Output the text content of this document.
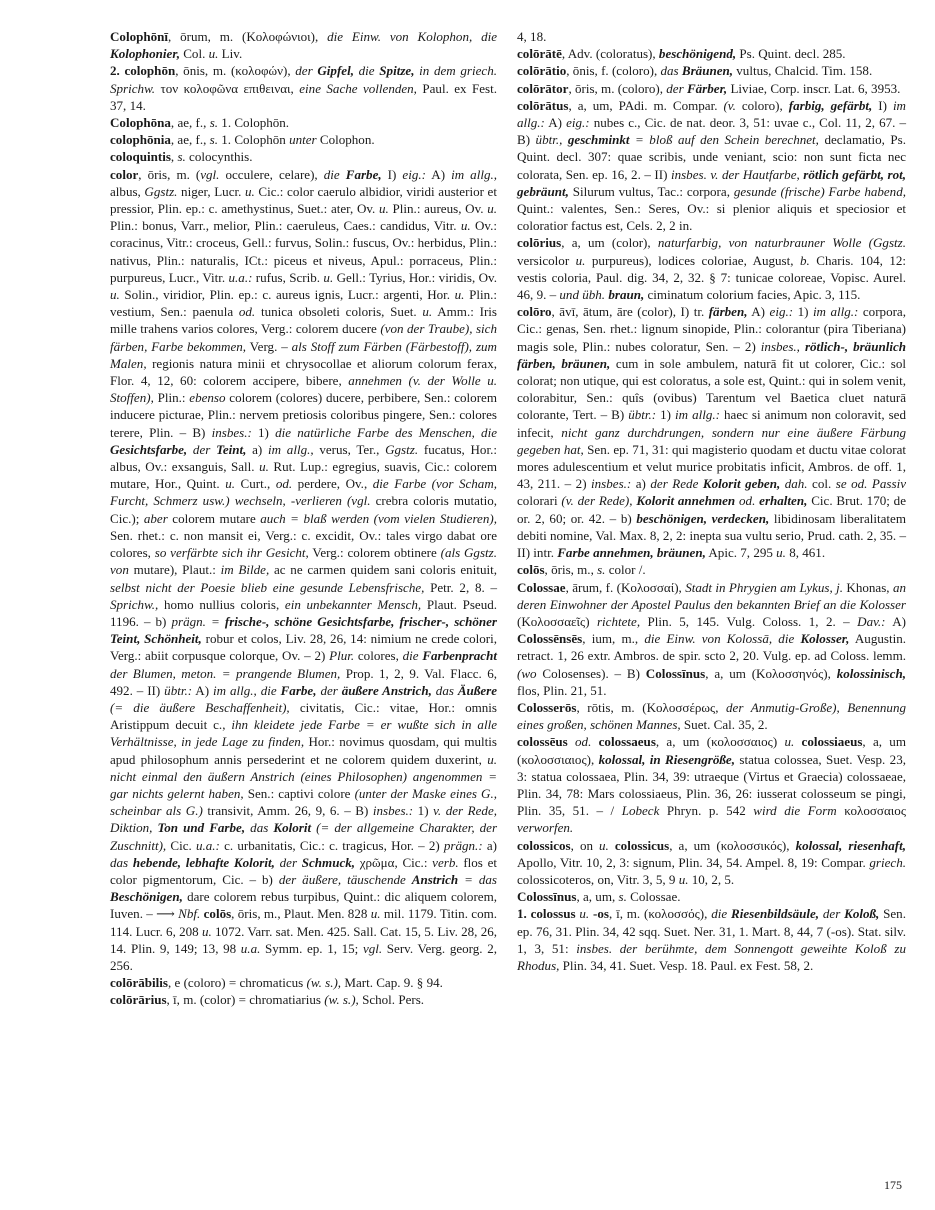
Colophōnī, ōrum, m. (Κολοφώνιοι), die Einw. von Kolophon, die Kolophonier, Col. u. Liv.

2. colophōn, ōnis, m. (κολοφών), der Gipfel, die Spitze, in dem griech. Sprichw. τον κολοφῶνα επιθειναι, eine Sache vollenden, Paul. ex Fest. 37, 14.

Colophōna, ae, f., s. 1. Colophōn.

colophōnia, ae, f., s. 1. Colophōn unter Colophon.

coloquintis, s. colocynthis.

color, ōris, m. (vgl. occulere, celare), die Farbe, I) eig.: A) im allg., albus, Ggstz. niger, Lucr. u. Cic.: color caerulo albidior, viridi austerior et pressior, Plin. ep.: c. amethystinus, Suet.: ater, Ov. u. Plin.: aureus, Ov. u. Plin.: bonus, Varr., melior, Plin.: caeruleus, Caes.: candidus, Vitr. u. Ov.: coracinus, Vitr.: croceus, Gell.: furvus, Solin.: fuscus, Ov.: herbidus, Plin.: nativus, Plin.: naturalis, ICt.: piceus et niveus, Apul.: porraceus, Plin.: purpureus, Lucr., Vitr. u.a.: rufus, Scrib. u. Gell.: Tyrius, Hor.: viridis, Ov. u. Solin., viridior, Plin. ep.: c. aureus ignis, Lucr.: argenti, Hor. u. Plin.: vestium, Sen.: paenula od. tunica obsoleti coloris, Suet. u. Amm.: Iris mille trahens varios colores, Verg.: colorem ducere (von der Traube), sich färben, Farbe bekommen, Verg. – als Stoff zum Färben (Färbestoff), zum Malen, regionis natura minii et chrysocollae et aliorum colorum ferax, Flor. 4, 12, 60: colorem accipere, bibere, annehmen (v. der Wolle u. Stoffen), Plin.: ebenso colorem (colores) ducere, perbibere, Sen.: colorem inducere picturae, Plin.: nervem pretiosis coloribus pingere, Sen.: colores terere, Plin. – B) insbes.: 1) die natürliche Farbe des Menschen, die Gesichtsfarbe, der Teint, a) im allg., verus, Ter., Ggstz. fucatus, Hor.: albus, Ov.: exsanguis, Sall. u. Rut. Lup.: egregius, suavis, Cic.: colorem mutare, Hor., Quint. u. Curt., od. perdere, Ov., die Farbe (vor Scham, Furcht, Schmerz usw.) wechseln, -verlieren (vgl. crebra coloris mutatio, Cic.); aber colorem mutare auch = blaß werden (vom vielen Studieren), Sen. rhet.: c. non mansit ei, Verg.: c. excidit, Ov.: tales virgo dabat ore colores, so verfärbte sich ihr Gesicht, Verg.: colorem obtinere (als Ggstz. von mutare), Plaut.: im Bilde, ac ne carmen quidem sani coloris enituit, selbst nicht der Poesie blieb eine gesunde Lebensfrische, Petr. 2, 8. – Sprichw., homo nullius coloris, ein unbekannter Mensch, Plaut. Pseud. 1196. – b) prägn. = frische-, schöne Gesichtsfarbe, frischer-, schöner Teint, Schönheit, robur et colos, Liv. 28, 26, 14: nimium ne crede colori, Verg.: abiit corpusque colorque, Ov. – 2) Plur. colores, die Farbenpracht der Blumen, meton. = prangende Blumen, Prop. 1, 2, 9. Val. Flacc. 6, 492. – II) übtr.: A) im allg., die Farbe, der äußere Anstrich, das Äußere (= die äußere Beschaffenheit), civitatis, Cic.: vitae, Hor.: omnis Aristippum decuit c., ihn kleidete jede Farbe = er wußte sich in alle Verhältnisse, in jede Lage zu finden, Hor.: novimus quosdam, qui multis apud philosophum annis persederint et ne colorem quidem duxerint, u. nicht einmal den äußern Anstrich (eines Philosophen) angenommen = gar nichts gelernt haben, Sen.: captivi colore (unter der Maske eines G., scheinbar als G.) transivit, Amm. 26, 9, 6. – B) insbes.: 1) v. der Rede, Diktion, Ton und Farbe, das Kolorit (= der allgemeine Charakter, der Zuschnitt), Cic. u.a.: c. urbanitatis, Cic.: c. tragicus, Hor. – 2) prägn.: a) das hebende, lebhafte Kolorit, der Schmuck, χρῶμα, Cic.: verb. flos et color pigmentorum, Cic. – b) der äußere, täuschende Anstrich = das Beschönigen, dare colorem rebus turpibus, Quint.: dic aliquem colorem, Iuven. – ⟶ Nbf. colōs, ōris, m., Plaut. Men. 828 u. mil. 1179. Titin. com. 114. Lucr. 6, 208 u. 1072. Varr. sat. Men. 425. Sall. Cat. 15, 5. Liv. 28, 26, 14. Plin. 9, 149; 13, 98 u.a. Symm. ep. 1, 15; vgl. Serv. Verg. georg. 2, 256.

colōrābilis, e (coloro) = chromaticus (w. s.), Mart. Cap. 9. § 94.

colōrārius, ī, m. (color) = chromatiarius (w. s.), Schol. Pers.

4, 18.

colōrātē, Adv. (coloratus), beschönigend, Ps. Quint. decl. 285.

colōrātio, ōnis, f. (coloro), das Bräunen, vultus, Chalcid. Tim. 158.

colōrātor, ōris, m. (coloro), der Färber, Liviae, Corp. inscr. Lat. 6, 3953.

colōrātus, a, um, PAdi. m. Compar. (v. coloro), farbig, gefärbt, I) im allg.: A) eig.: nubes c., Cic. de nat. deor. 3, 51: uvae c., Col. 11, 2, 67. – B) übtr., geschminkt = bloß auf den Schein berechnet, declamatio, Ps. Quint. decl. 307: quae scribis, unde veniant, scio: non sunt ficta nec colorata, Sen. ep. 16, 2. – II) insbes. v. der Hautfarbe, rötlich gefärbt, rot, gebräunt, Silurum vultus, Tac.: corpora, gesunde (frische) Farbe habend, Quint.: valentes, Sen.: Seres, Ov.: si plenior aliquis et speciosior et coloratior factus est, Cels. 2, 2 in.

colōrius, a, um (color), naturfarbig, von naturbrauner Wolle (Ggstz. versicolor u. purpureus), lodices coloriae, August, b. Charis. 104, 12: vestis coloria, Paul. dig. 34, 2, 32. § 7: tunicae coloreae, Vopisc. Aurel. 46, 9. – und übh. braun, ciminatum colorium facies, Apic. 3, 115.

colōro, āvī, ātum, āre (color), I) tr. färben, A) eig.: 1) im allg.: corpora, Cic.: genas, Sen. rhet.: lignum sinopide, Plin.: colorantur (pira Tiberiana) magis sole, Plin.: nubes coloratur, Sen. – 2) insbes., rötlich-, bräunlich färben, bräunen, cum in sole ambulem, naturā fit ut colorer, Cic.: sol colorat; non utique, qui est coloratus, a sole est, Quint.: qui in solem venit, colorabitur, Sen.: quîs (ovibus) Tarentum vel Baetica cluet naturā colorante, Tert. – B) übtr.: 1) im allg.: haec si animum non coloravit, sed infecit, nicht ganz durchdrungen, sondern nur eine äußere Färbung gegeben hat, Sen. ep. 71, 31: qui magisterio quodam et ductu vitae colorat mores adulescentium et velut murice probitatis inficit, Ambros. de off. 1, 43, 211. – 2) insbes.: a) der Rede Kolorit geben, dah. col. se od. Passiv colorari (v. der Rede), Kolorit annehmen od. erhalten, Cic. Brut. 170; de or. 2, 60; or. 42. – b) beschönigen, verdecken, libidinosam liberalitatem debiti nomine, Val. Max. 8, 2, 2: inepta sua vultu serio, Prud. cath. 2, 35. – II) intr. Farbe annehmen, bräunen, Apic. 7, 295 u. 8, 461.

colōs, ōris, m., s. color /.

Colossae, ārum, f. (Κολοσσαί), Stadt in Phrygien am Lykus, j. Khonas, an deren Einwohner der Apostel Paulus den bekannten Brief an die Kolosser (Κολοσσαεῖς) richtete, Plin. 5, 145. Vulg. Coloss. 1, 2. – Dav.: A) Colossēnsēs, ium, m., die Einw. von Kolossā, die Kolosser, Augustin. retract. 1, 26 extr. Ambros. de spir. scto 2, 20. Vulg. ep. ad Coloss. lemm. (wo Colosenses). – B) Colossīnus, a, um (Κολοσσηνός), kolossinisch, flos, Plin. 21, 51.

Colosserōs, rōtis, m. (Κολοσσέρως, der Anmutig-Große), Benennung eines großen, schönen Mannes, Suet. Cal. 35, 2.

colossēus od. colossaeus, a, um (κολοσσαιος) u. colossiaeus, a, um (κολοσσιαιος), kolossal, in Riesengröße, statua colossea, Suet. Vesp. 23, 3: statua colossaea, Plin. 34, 39: utraeque (Virtus et Graecia) colossaeae, Plin. 34, 78: Mars colossiaeus, Plin. 36, 26: iusserat colosseum se pingi, Plin. 35, 51. – / Lobeck Phryn. p. 542 wird die Form κολοσσαιος verworfen.

colossicos, on u. colossicus, a, um (κολοσσικός), kolossal, riesenhaft, Apollo, Vitr. 10, 2, 3: signum, Plin. 34, 54. Ampel. 8, 19: Compar. griech. colossicoteros, on, Vitr. 3, 5, 9 u. 10, 2, 5.

Colossīnus, a, um, s. Colossae.

1. colossus u. -os, ī, m. (κολοσσός), die Riesenbildsäule, der Koloß, Sen. ep. 76, 31. Plin. 34, 42 sqq. Suet. Ner. 31, 1. Mart. 8, 44, 7 (-os). Stat. silv. 1, 3, 51: insbes. der berühmte, dem Sonnengott geweihte Koloß zu Rhodus, Plin. 34, 41. Suet. Vesp. 18. Paul. ex Fest. 58, 2.

175
